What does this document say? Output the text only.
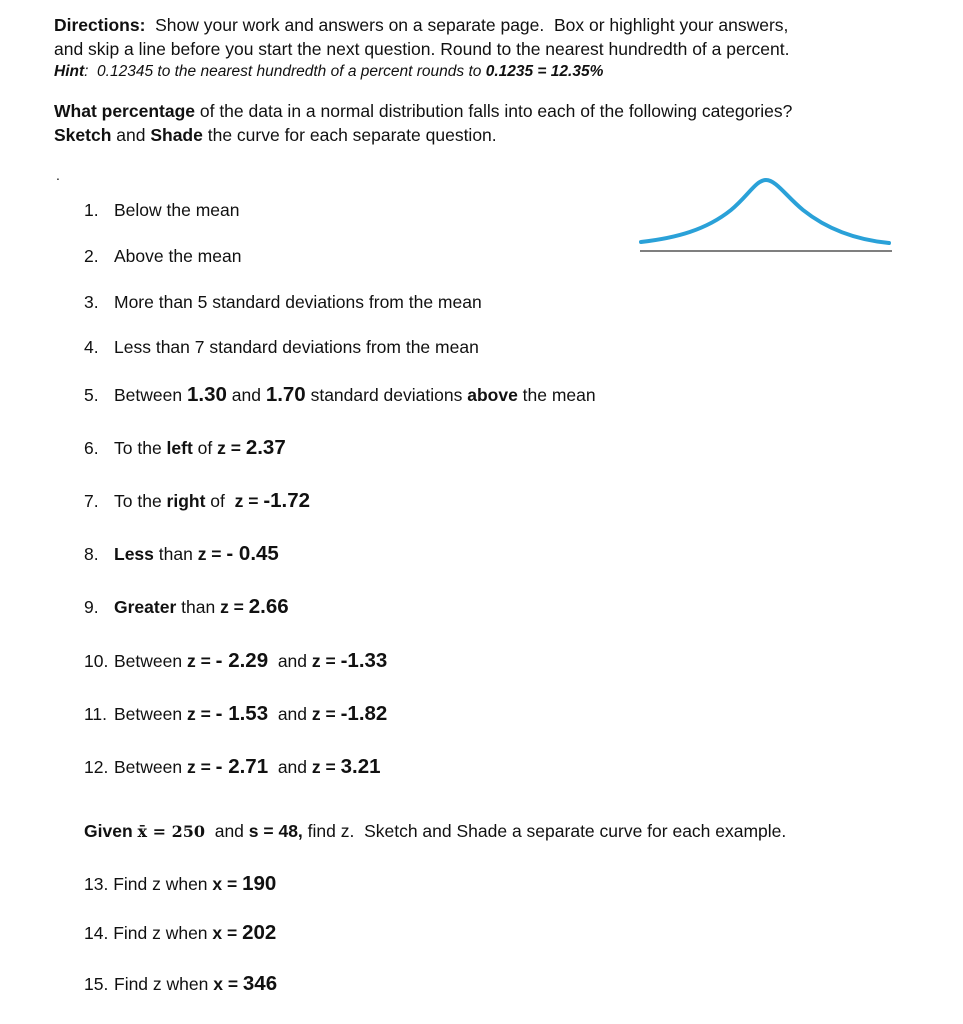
Directions:  Show your work and answers on a separate page.  Box or highlight your answers,
and skip a line before you start the next question. Round to the nearest hundredth of a percent.
Hint:  0.12345 to the nearest hundredth of a percent rounds to 0.1235 = 12.35%
What percentage of the data in a normal distribution falls into each of the following categories?
Sketch and Shade the curve for each separate question.
.
1. Below the mean
2. Above the mean
3. More than 5 standard deviations from the mean
4. Less than 7 standard deviations from the mean
5. Between 1.30 and 1.70 standard deviations above the mean
6. To the left of z = 2.37
7. To the right of  z = -1.72
8. Less than z = - 0.45
9. Greater than z = 2.66
10. Between z = - 2.29  and z = -1.33
11. Between z = - 1.53  and z = -1.82
12. Between z = - 2.71  and z = 3.21
Given x̄ = 250  and s = 48, find z.  Sketch and Shade a separate curve for each example.
13. Find z when x = 190
14. Find z when x = 202
15. Find z when x = 346
